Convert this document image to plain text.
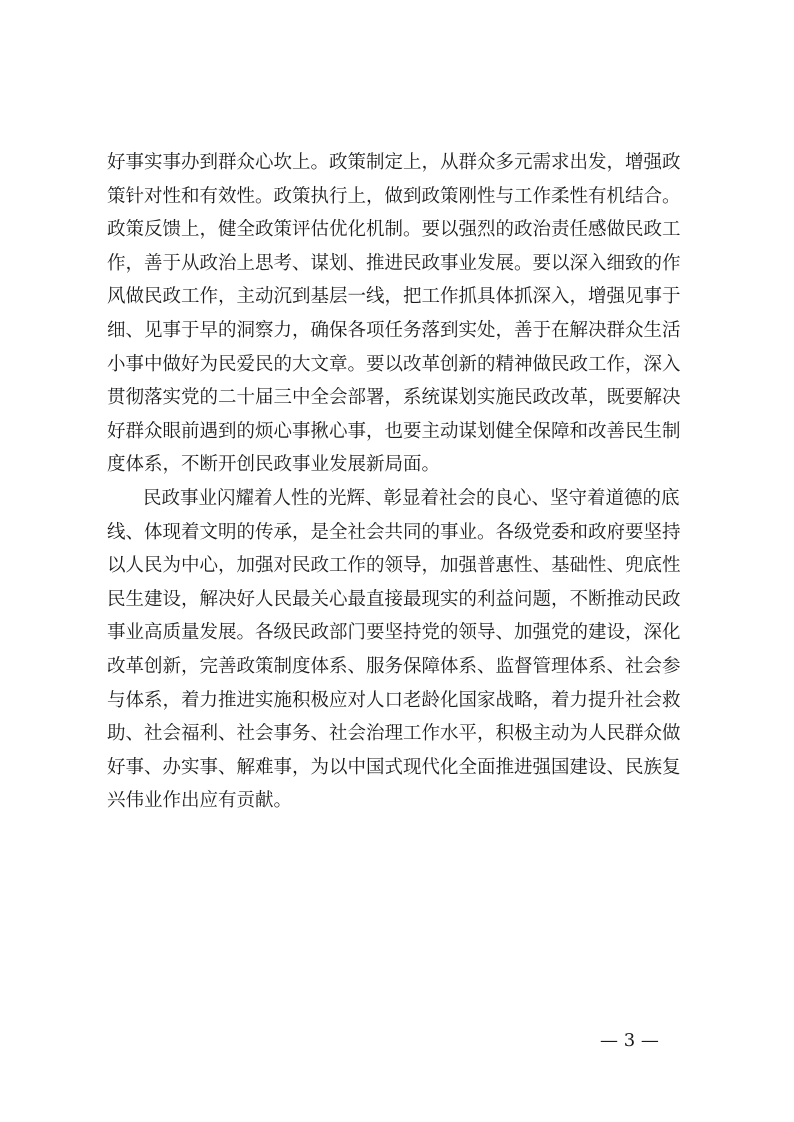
好事实事办到群众心坎上。政策制定上，从群众多元需求出发，增强政
策针对性和有效性。政策执行上，做到政策刚性与工作柔性有机结合。
政策反馈上，健全政策评估优化机制。要以强烈的政治责任感做民政工
作，善于从政治上思考、谋划、推进民政事业发展。要以深入细致的作
风做民政工作，主动沉到基层一线，把工作抓具体抓深入，增强见事于
细、见事于早的洞察力，确保各项任务落到实处，善于在解决群众生活
小事中做好为民爱民的大文章。要以改革创新的精神做民政工作，深入
贯彻落实党的二十届三中全会部署，系统谋划实施民政改革，既要解决
好群众眼前遇到的烦心事揪心事，也要主动谋划健全保障和改善民生制
度体系，不断开创民政事业发展新局面。
民政事业闪耀着人性的光辉、彰显着社会的良心、坚守着道德的底
线、体现着文明的传承，是全社会共同的事业。各级党委和政府要坚持
以人民为中心，加强对民政工作的领导，加强普惠性、基础性、兜底性
民生建设，解决好人民最关心最直接最现实的利益问题，不断推动民政
事业高质量发展。各级民政部门要坚持党的领导、加强党的建设，深化
改革创新，完善政策制度体系、服务保障体系、监督管理体系、社会参
与体系，着力推进实施积极应对人口老龄化国家战略，着力提升社会救
助、社会福利、社会事务、社会治理工作水平，积极主动为人民群众做
好事、办实事、解难事，为以中国式现代化全面推进强国建设、民族复
兴伟业作出应有贡献。
— 3 —
